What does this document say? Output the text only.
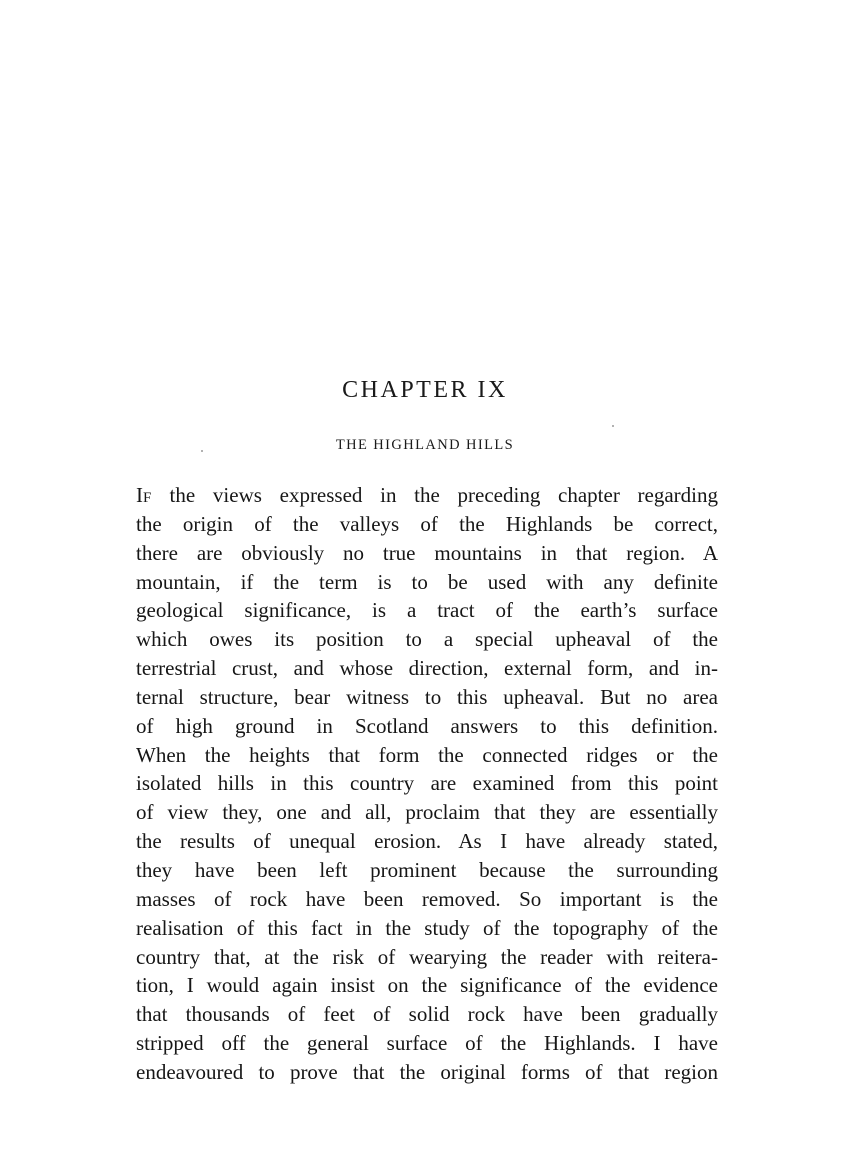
CHAPTER IX
THE HIGHLAND HILLS
IF the views expressed in the preceding chapter regarding
the origin of the valleys of the Highlands be correct,
there are obviously no true mountains in that region. A
mountain, if the term is to be used with any definite
geological significance, is a tract of the earth’s surface
which owes its position to a special upheaval of the
terrestrial crust, and whose direction, external form, and in-
ternal structure, bear witness to this upheaval. But no area
of high ground in Scotland answers to this definition.
When the heights that form the connected ridges or the
isolated hills in this country are examined from this point
of view they, one and all, proclaim that they are essentially
the results of unequal erosion. As I have already stated,
they have been left prominent because the surrounding
masses of rock have been removed. So important is the
realisation of this fact in the study of the topography of the
country that, at the risk of wearying the reader with reitera-
tion, I would again insist on the significance of the evidence
that thousands of feet of solid rock have been gradually
stripped off the general surface of the Highlands. I have
endeavoured to prove that the original forms of that region
